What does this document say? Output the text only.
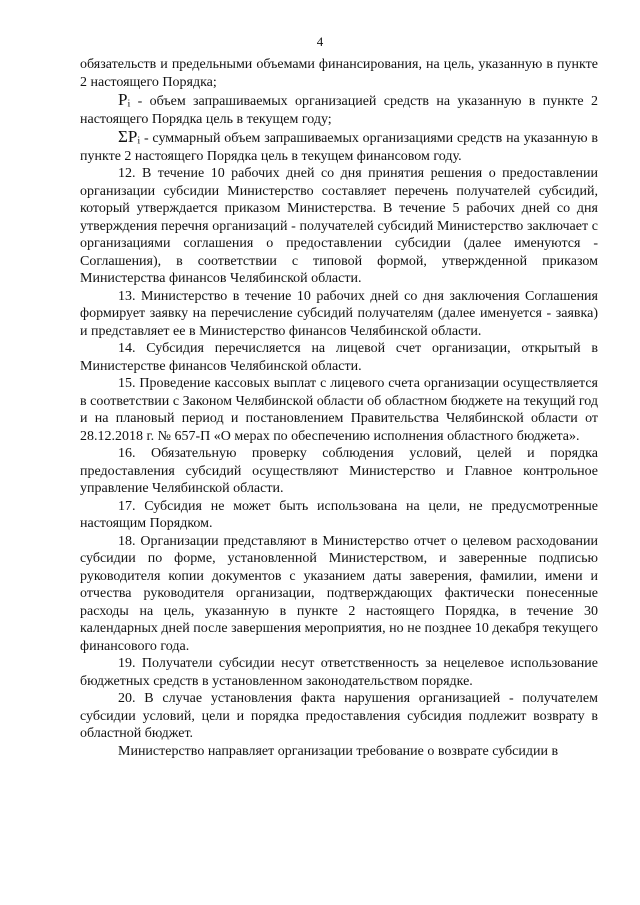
4

обязательств и предельными объемами финансирования, на цель, указанную в пункте 2 настоящего Порядка;

Pᵢ - объем запрашиваемых организацией средств на указанную в пункте 2 настоящего Порядка цель в текущем году;

ΣPᵢ - суммарный объем запрашиваемых организациями средств на указанную в пункте 2 настоящего Порядка цель в текущем финансовом году.

12. В течение 10 рабочих дней со дня принятия решения о предоставлении организации субсидии Министерство составляет перечень получателей субсидий, который утверждается приказом Министерства. В течение 5 рабочих дней со дня утверждения перечня организаций - получателей субсидий Министерство заключает с организациями соглашения о предоставлении субсидии (далее именуются - Соглашения), в соответствии с типовой формой, утвержденной приказом Министерства финансов Челябинской области.

13. Министерство в течение 10 рабочих дней со дня заключения Соглашения формирует заявку на перечисление субсидий получателям (далее именуется - заявка) и представляет ее в Министерство финансов Челябинской области.

14. Субсидия перечисляется на лицевой счет организации, открытый в Министерстве финансов Челябинской области.

15. Проведение кассовых выплат с лицевого счета организации осуществляется в соответствии с Законом Челябинской области об областном бюджете на текущий год и на плановый период и постановлением Правительства Челябинской области от 28.12.2018 г. № 657-П «О мерах по обеспечению исполнения областного бюджета».

16. Обязательную проверку соблюдения условий, целей и порядка предоставления субсидий осуществляют Министерство и Главное контрольное управление Челябинской области.

17. Субсидия не может быть использована на цели, не предусмотренные настоящим Порядком.

18. Организации представляют в Министерство отчет о целевом расходовании субсидии по форме, установленной Министерством, и заверенные подписью руководителя копии документов с указанием даты заверения, фамилии, имени и отчества руководителя организации, подтверждающих фактически понесенные расходы на цель, указанную в пункте 2 настоящего Порядка, в течение 30 календарных дней после завершения мероприятия, но не позднее 10 декабря текущего финансового года.

19. Получатели субсидии несут ответственность за нецелевое использование бюджетных средств в установленном законодательством порядке.

20. В случае установления факта нарушения организацией - получателем субсидии условий, цели и порядка предоставления субсидия подлежит возврату в областной бюджет.

Министерство направляет организации требование о возврате субсидии в
